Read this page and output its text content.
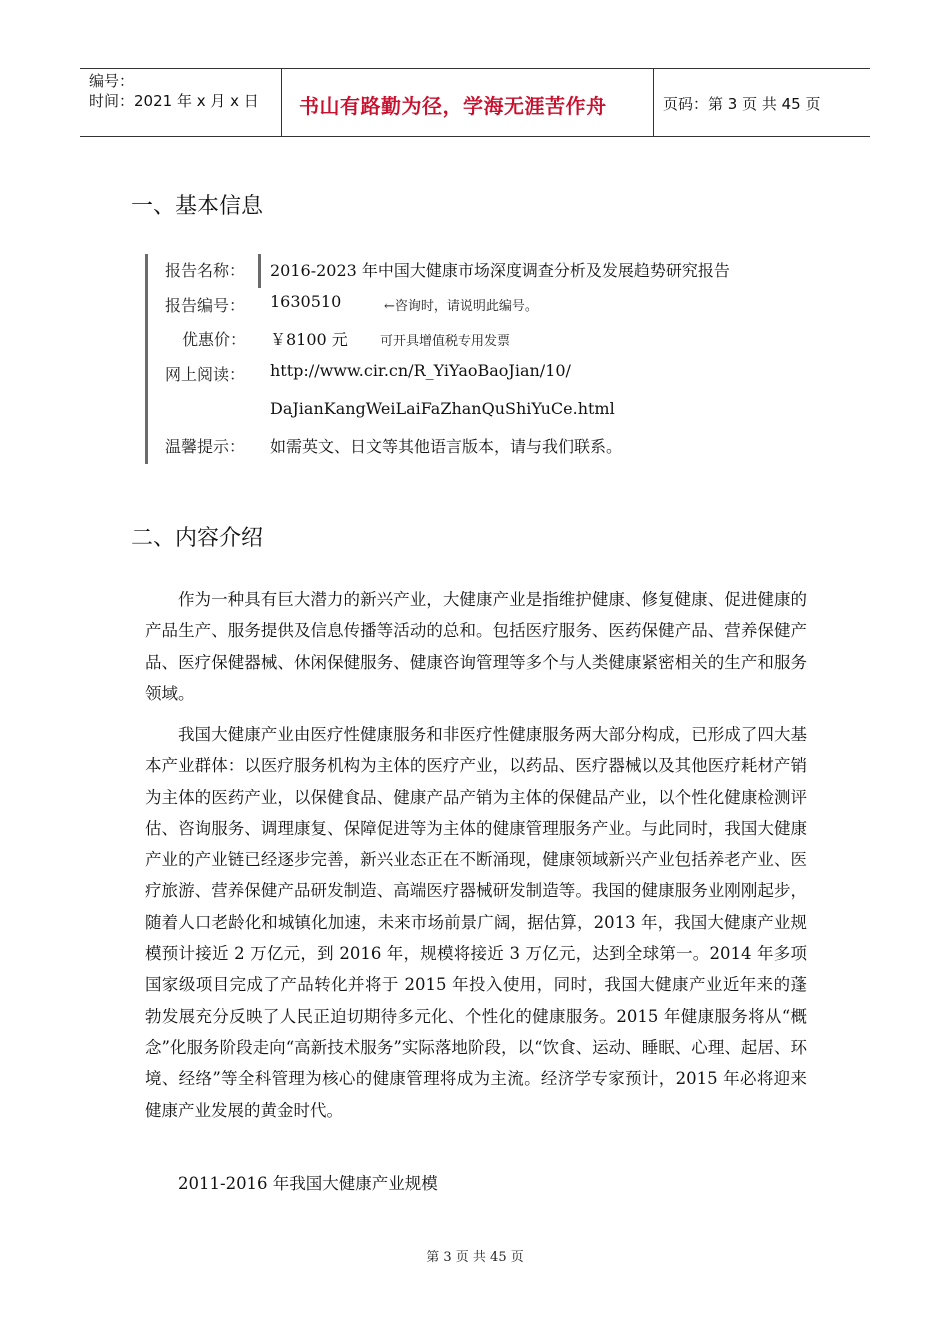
编号：
时间：2021 年 x 月 x 日 书山有路勤为径，学海无涯苦作舟	页码：第 3 页 共 45 页
一、基本信息
报告名称： 2016-2023 年中国大健康市场深度调查分析及发展趋势研究报告
报告编号： 1630510	←咨询时，请说明此编号。
优惠价： ￥8100 元 可开具增值税专用发票
网上阅读： http://www.cir.cn/R_YiYaoBaoJian/10/
DaJianKangWeiLaiFaZhanQuShiYuCe.html
温馨提示： 如需英文、日文等其他语言版本，请与我们联系。
二、内容介绍
作为一种具有巨大潜力的新兴产业，大健康产业是指维护健康、修复健康、促进健康的产品生产、服务提供及信息传播等活动的总和。包括医疗服务、医药保健产品、营养保健产品、医疗保健器械、休闲保健服务、健康咨询管理等多个与人类健康紧密相关的生产和服务领域。
我国大健康产业由医疗性健康服务和非医疗性健康服务两大部分构成，已形成了四大基本产业群体：以医疗服务机构为主体的医疗产业，以药品、医疗器械以及其他医疗耗材产销为主体的医药产业，以保健食品、健康产品产销为主体的保健品产业，以个性化健康检测评估、咨询服务、调理康复、保障促进等为主体的健康管理服务产业。与此同时，我国大健康产业的产业链已经逐步完善，新兴业态正在不断涌现，健康领域新兴产业包括养老产业、医疗旅游、营养保健产品研发制造、高端医疗器械研发制造等。我国的健康服务业刚刚起步，随着人口老龄化和城镇化加速，未来市场前景广阔，据估算，2013 年，我国大健康产业规模预计接近 2 万亿元，到 2016 年，规模将接近 3 万亿元，达到全球第一。2014 年多项国家级项目完成了产品转化并将于 2015 年投入使用，同时，我国大健康产业近年来的蓬勃发展充分反映了人民正迫切期待多元化、个性化的健康服务。2015 年健康服务将从“概念”化服务阶段走向“高新技术服务”实际落地阶段，以“饮食、运动、睡眠、心理、起居、环境、经络”等全科管理为核心的健康管理将成为主流。经济学专家预计，2015 年必将迎来健康产业发展的黄金时代。
2011-2016 年我国大健康产业规模
第 3 页 共 45 页
